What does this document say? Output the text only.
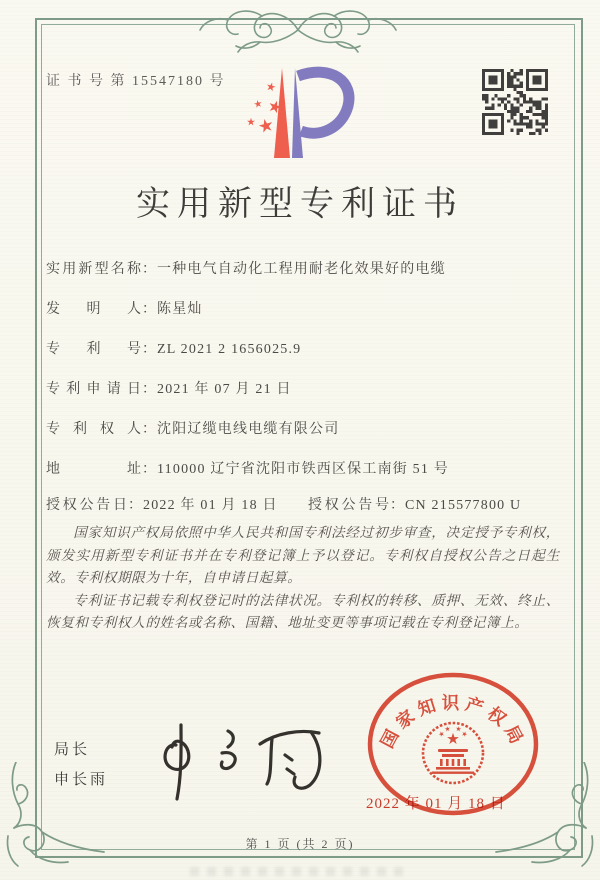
证 书 号 第 15547180 号
实用新型专利证书
实用新型名称：一种电气自动化工程用耐老化效果好的电缆
发 明 人：陈星灿
专 利 号：ZL 2021 2 1656025.9
专利申请日：2021 年 07 月 21 日
专 利 权 人：沈阳辽缆电线电缆有限公司
地 址：110000 辽宁省沈阳市铁西区保工南街 51 号
授权公告日：2022 年 01 月 18 日 授权公告号：CN 215577800 U

国家知识产权局依照中华人民共和国专利法经过初步审查，决定授予专利权，颁发实用新型专利证书并在专利登记簿上予以登记。专利权自授权公告之日起生效。专利权期限为十年，自申请日起算。

专利证书记载专利权登记时的法律状况。专利权的转移、质押、无效、终止、恢复和专利权人的姓名或名称、国籍、地址变更等事项记载在专利登记簿上。

局长
申长雨
国家知识产权局
2022 年 01 月 18 日
第 1 页 (共 2 页)
